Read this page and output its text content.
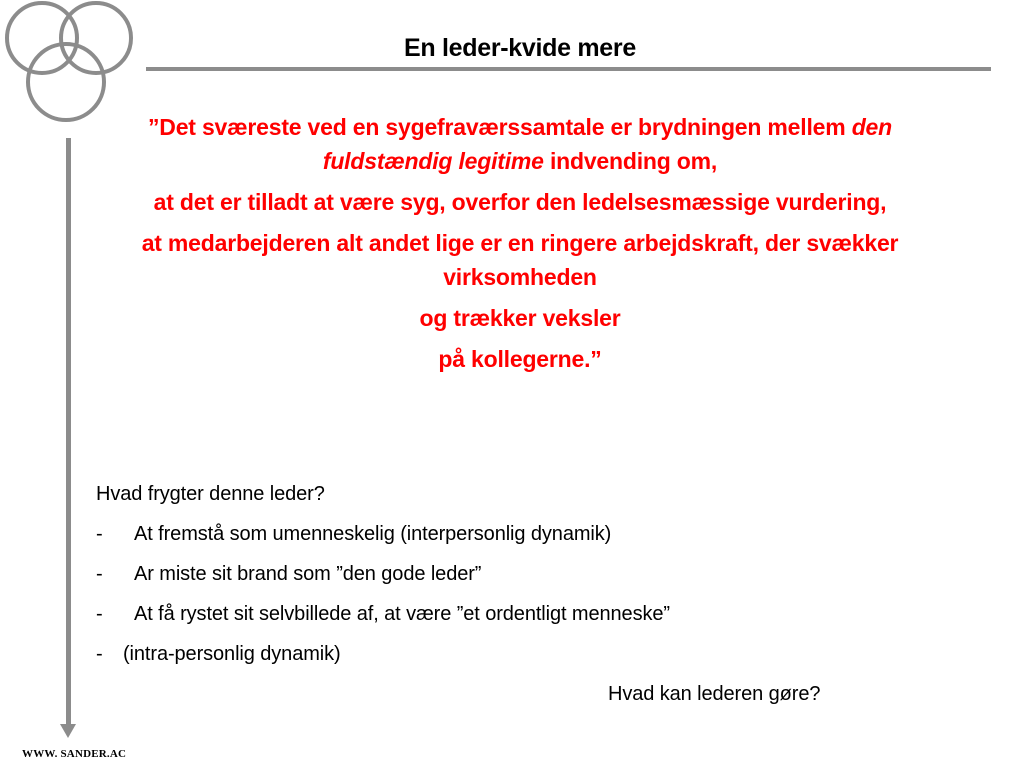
En leder-kvide mere

”Det sværeste ved en sygefraværssamtale er brydningen mellem den fuldstændig legitime indvending om,

at det er tilladt at være syg, overfor den ledelsesmæssige vurdering,

at medarbejderen alt andet lige er en ringere arbejdskraft, der svækker virksomheden

og trækker veksler

på kollegerne.”

Hvad frygter denne leder?
- At fremstå som umenneskelig (interpersonlig dynamik)
- Ar miste sit brand som ”den gode leder”
- At få rystet sit selvbillede af, at være ”et ordentligt menneske”
- (intra-personlig dynamik)
Hvad kan lederen gøre?
WWW. SANDER.AC
